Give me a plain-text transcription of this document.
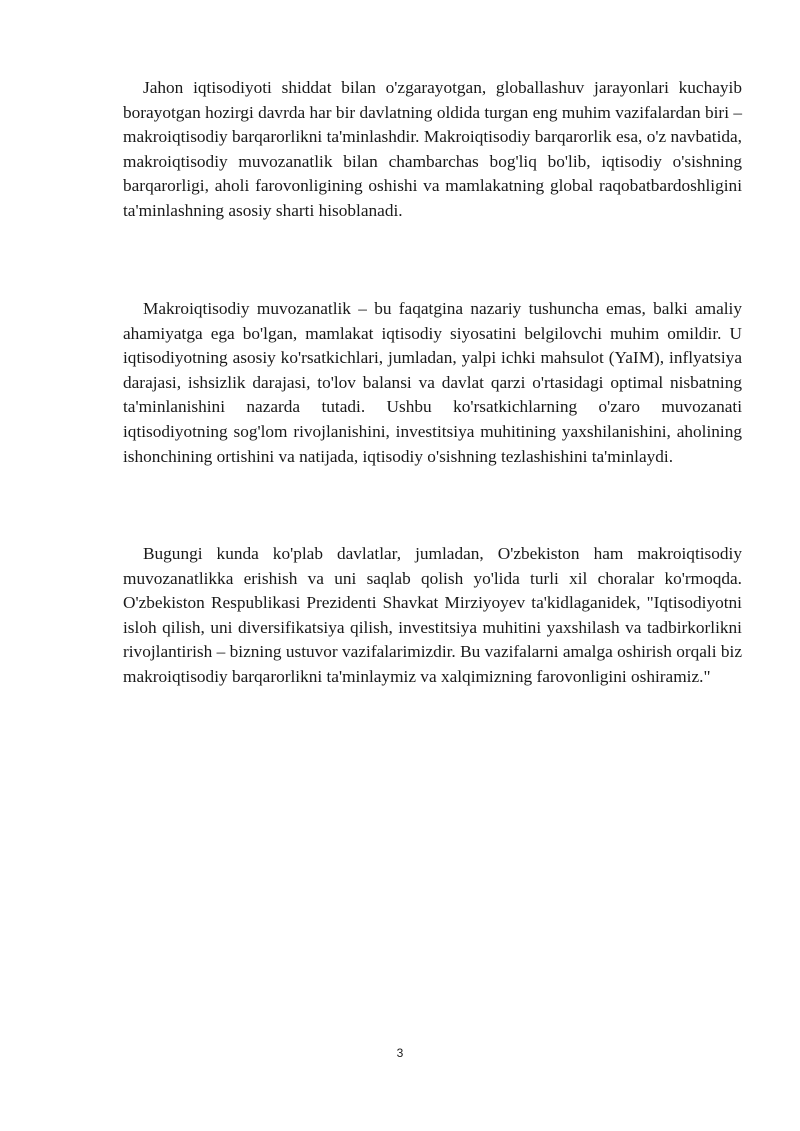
Jahon iqtisodiyoti shiddat bilan o'zgarayotgan, globallashuv jarayonlari kuchayib borayotgan hozirgi davrda har bir davlatning oldida turgan eng muhim vazifalardan biri – makroiqtisodiy barqarorlikni ta'minlashdir. Makroiqtisodiy barqarorlik esa, o'z navbatida, makroiqtisodiy muvozanatlik bilan chambarchas bog'liq bo'lib, iqtisodiy o'sishning barqarorligi, aholi farovonligining oshishi va mamlakatning global raqobatbardoshligini ta'minlashning asosiy sharti hisoblanadi.

Makroiqtisodiy muvozanatlik – bu faqatgina nazariy tushuncha emas, balki amaliy ahamiyatga ega bo'lgan, mamlakat iqtisodiy siyosatini belgilovchi muhim omildir. U iqtisodiyotning asosiy ko'rsatkichlari, jumladan, yalpi ichki mahsulot (YaIM), inflyatsiya darajasi, ishsizlik darajasi, to'lov balansi va davlat qarzi o'rtasidagi optimal nisbatning ta'minlanishini nazarda tutadi. Ushbu ko'rsatkichlarning o'zaro muvozanati iqtisodiyotning sog'lom rivojlanishini, investitsiya muhitining yaxshilanishini, aholining ishonchining ortishini va natijada, iqtisodiy o'sishning tezlashishini ta'minlaydi.

Bugungi kunda ko'plab davlatlar, jumladan, O'zbekiston ham makroiqtisodiy muvozanatlikka erishish va uni saqlab qolish yo'lida turli xil choralar ko'rmoqda. O'zbekiston Respublikasi Prezidenti Shavkat Mirziyoyev ta'kidlaganidek, "Iqtisodiyotni isloh qilish, uni diversifikatsiya qilish, investitsiya muhitini yaxshilash va tadbirkorlikni rivojlantirish – bizning ustuvor vazifalarimizdir. Bu vazifalarni amalga oshirish orqali biz makroiqtisodiy barqarorlikni ta'minlaymiz va xalqimizning farovonligini oshiramiz."

3
